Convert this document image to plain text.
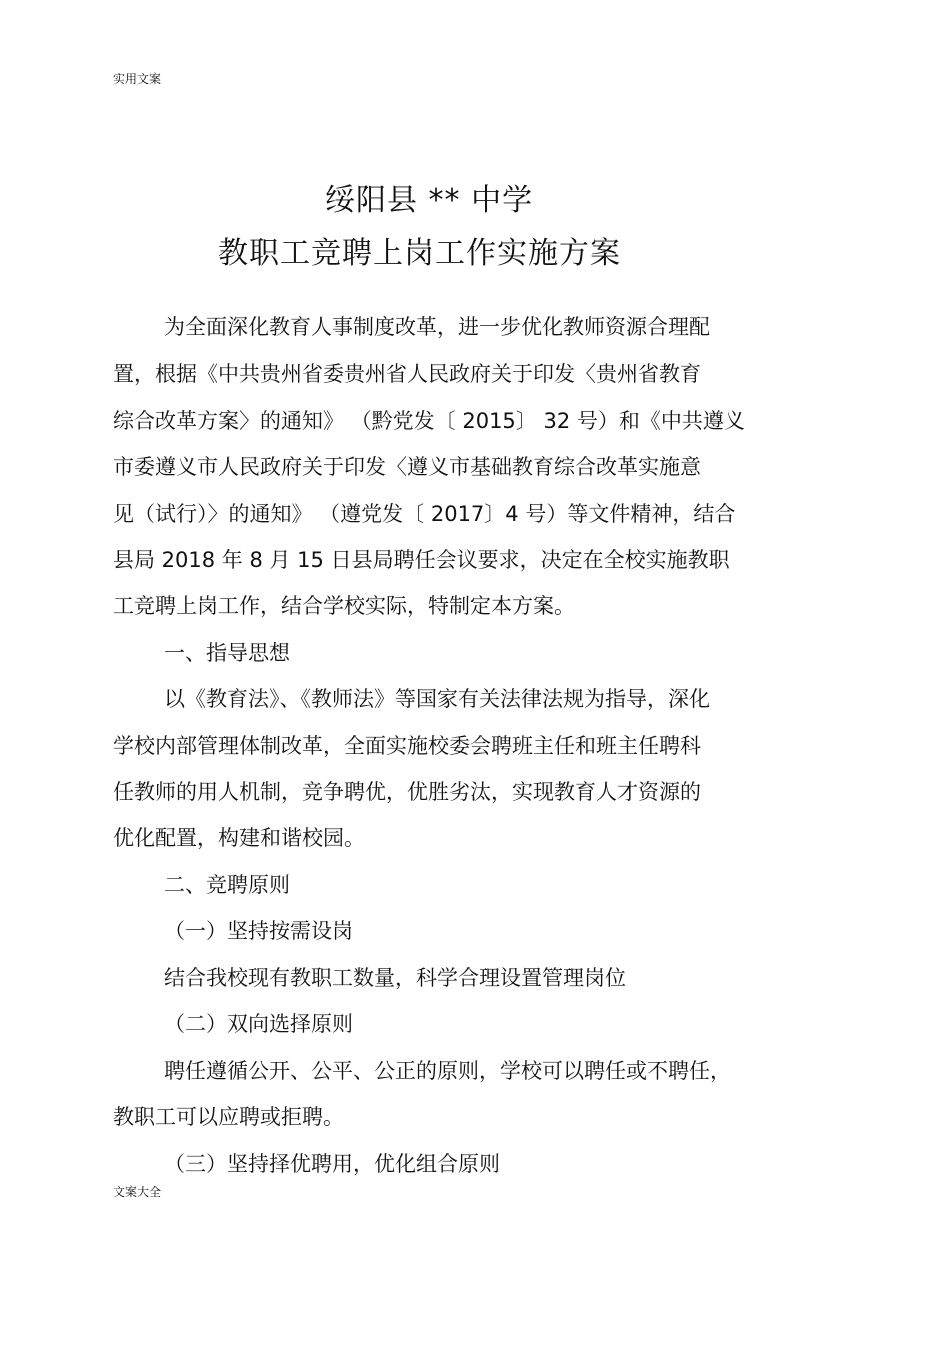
实用文案
绥阳县 ** 中学
教职工竞聘上岗工作实施方案
为全面深化教育人事制度改革，进一步优化教师资源合理配
置，根据《中共贵州省委贵州省人民政府关于印发〈贵州省教育
综合改革方案〉的通知》 （黔党发〔 2015〕 32 号）和《中共遵义
市委遵义市人民政府关于印发〈遵义市基础教育综合改革实施意
见（试行）〉的通知》 （遵党发〔 2017〕4 号）等文件精神，结合
县局 2018 年 8 月 15 日县局聘任会议要求，决定在全校实施教职
工竞聘上岗工作，结合学校实际，特制定本方案。
一、指导思想
以《教育法》、《教师法》等国家有关法律法规为指导，深化
学校内部管理体制改革，全面实施校委会聘班主任和班主任聘科
任教师的用人机制，竞争聘优，优胜劣汰，实现教育人才资源的
优化配置，构建和谐校园。
二、竞聘原则
（一）坚持按需设岗
结合我校现有教职工数量，科学合理设置管理岗位
（二）双向选择原则
聘任遵循公开、公平、公正的原则，学校可以聘任或不聘任，
教职工可以应聘或拒聘。
（三）坚持择优聘用，优化组合原则
文案大全
